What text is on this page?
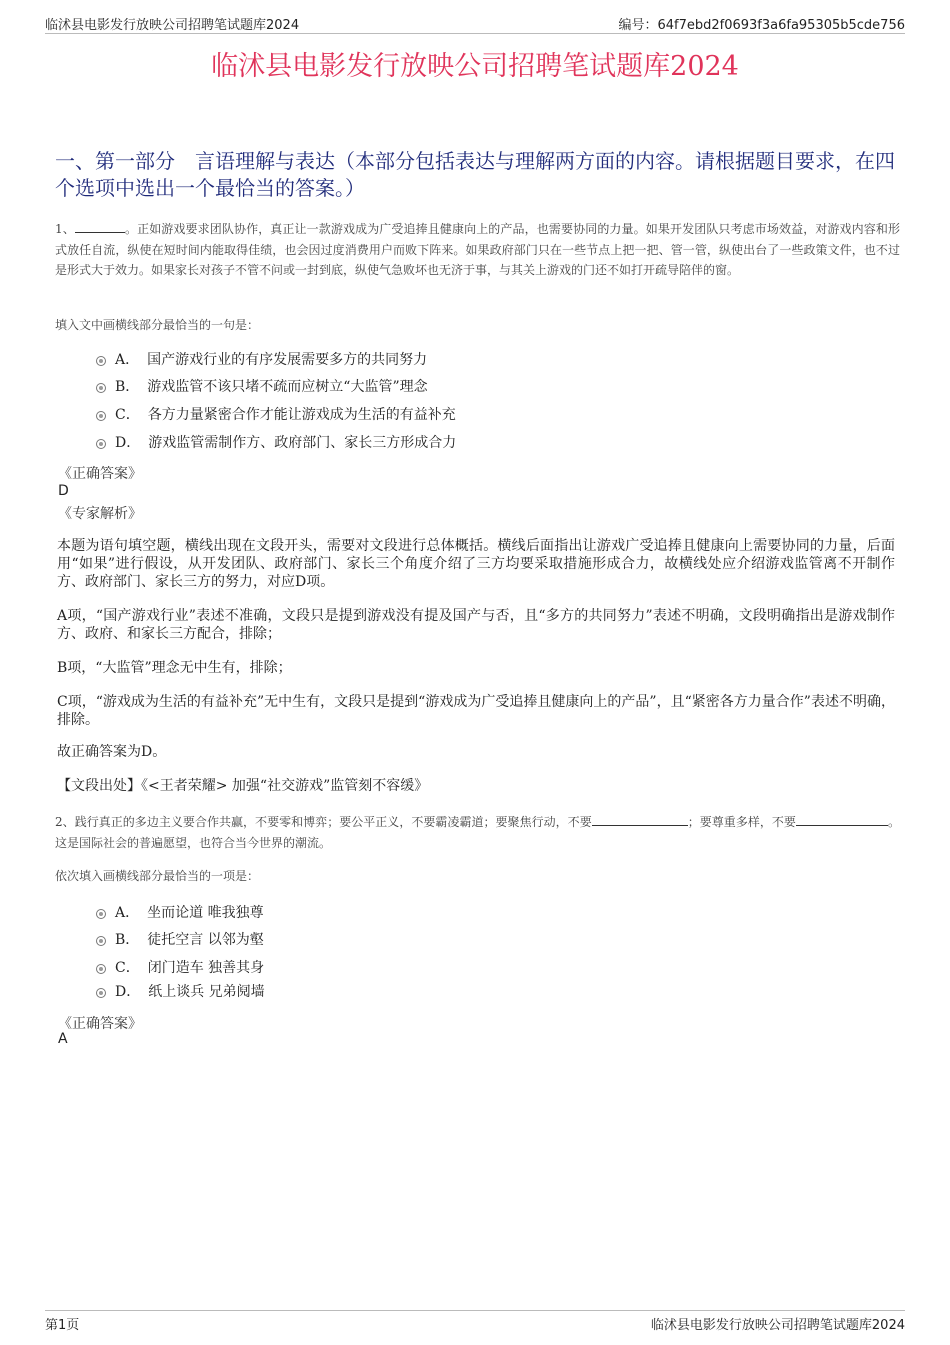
临沭县电影发行放映公司招聘笔试题库2024	编号：64f7ebd2f0693f3a6fa95305b5cde756
临沭县电影发行放映公司招聘笔试题库2024
一、第一部分　言语理解与表达（本部分包括表达与理解两方面的内容。请根据题目要求，在四个选项中选出一个最恰当的答案。）
1、	。正如游戏要求团队协作，真正让一款游戏成为广受追捧且健康向上的产品，也需要协同的力量。如果开发团队只考虑市场效益，对游戏内容和形式放任自流，纵使在短时间内能取得佳绩，也会因过度消费用户而败下阵来。如果政府部门只在一些节点上把一把、管一管，纵使出台了一些政策文件，也不过是形式大于效力。如果家长对孩子不管不问或一封到底，纵使气急败坏也无济于事，与其关上游戏的门还不如打开疏导陪伴的窗。
填入文中画横线部分最恰当的一句是：
A． 国产游戏行业的有序发展需要多方的共同努力
B． 游戏监管不该只堵不疏而应树立“大监管”理念
C． 各方力量紧密合作才能让游戏成为生活的有益补充
D． 游戏监管需制作方、政府部门、家长三方形成合力
《正确答案》
D
《专家解析》
本题为语句填空题，横线出现在文段开头，需要对文段进行总体概括。横线后面指出让游戏广受追捧且健康向上需要协同的力量，后面用“如果”进行假设，从开发团队、政府部门、家长三个角度介绍了三方均要采取措施形成合力，故横线处应介绍游戏监管离不开制作方、政府部门、家长三方的努力，对应D项。
A项，“国产游戏行业”表述不准确，文段只是提到游戏没有提及国产与否，且“多方的共同努力”表述不明确，文段明确指出是游戏制作方、政府、和家长三方配合，排除；
B项，“大监管”理念无中生有，排除；
C项，“游戏成为生活的有益补充”无中生有，文段只是提到“游戏成为广受追捧且健康向上的产品”，且“紧密各方力量合作”表述不明确，排除。
故正确答案为D。
【文段出处】《<王者荣耀> 加强“社交游戏”监管刻不容缓》
2、践行真正的多边主义要合作共赢，不要零和博弈；要公平正义，不要霸凌霸道；要聚焦行动，不要	；要尊重多样，不要	。这是国际社会的普遍愿望，也符合当今世界的潮流。
依次填入画横线部分最恰当的一项是：
A． 坐而论道 唯我独尊
B． 徒托空言 以邻为壑
C． 闭门造车 独善其身
D． 纸上谈兵 兄弟阋墙
《正确答案》
A
第1页	临沭县电影发行放映公司招聘笔试题库2024
